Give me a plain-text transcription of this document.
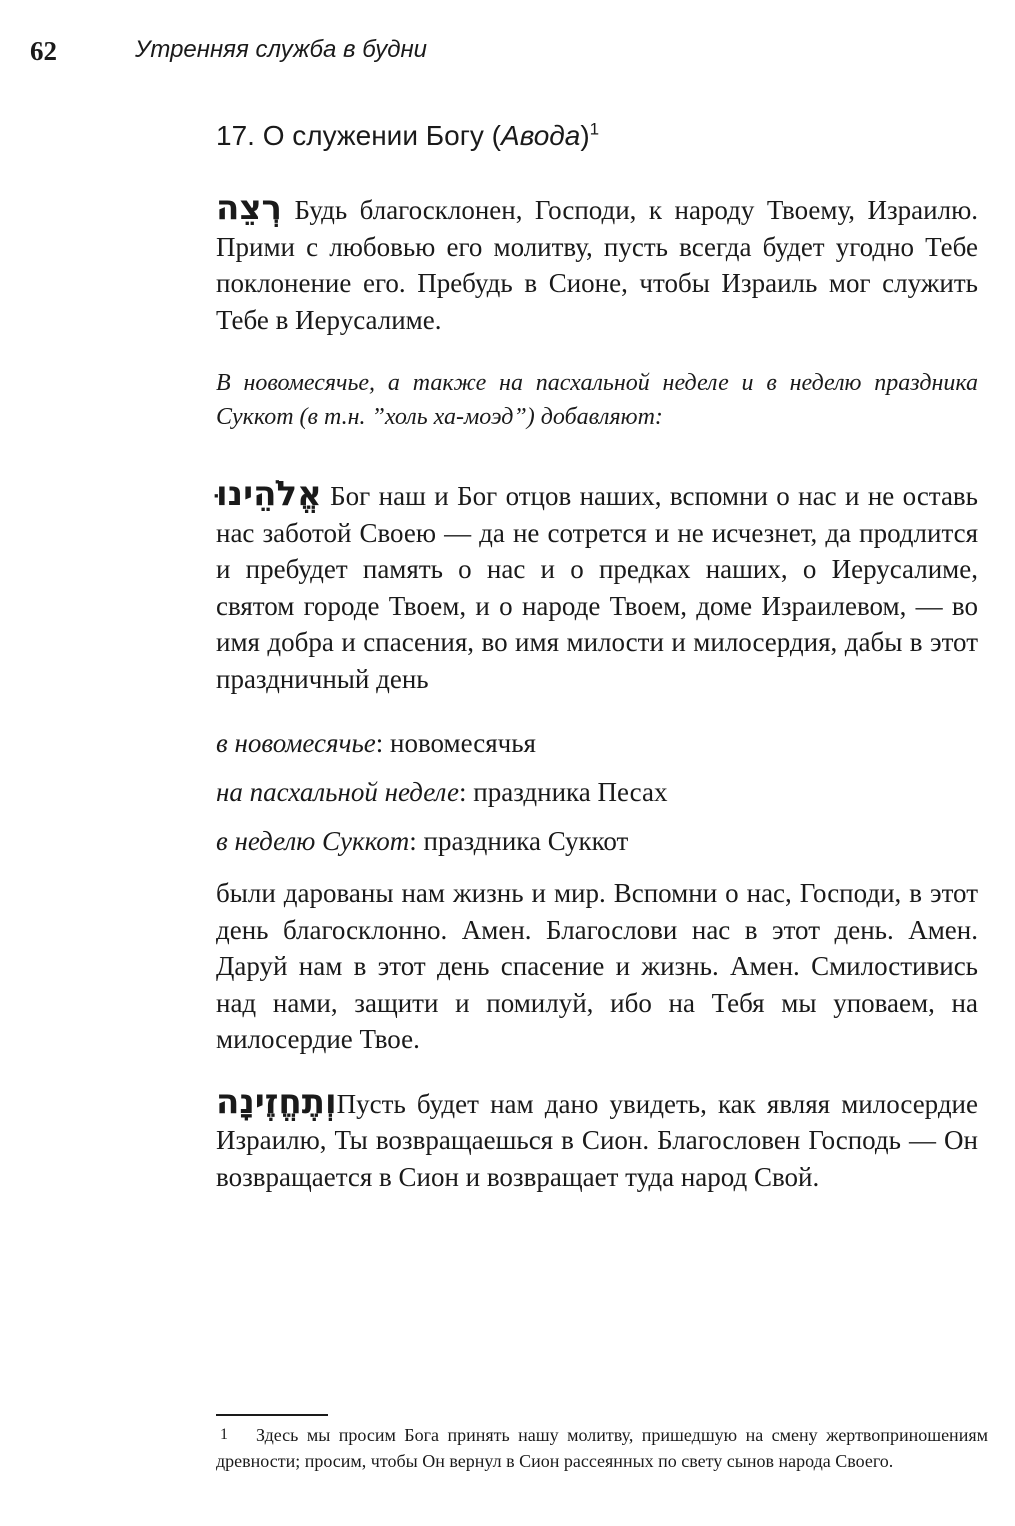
62	Утренняя служба в будни
17. О служении Богу (Авода)$^1$

רְצֵה Будь благосклонен, Господи, к народу Твоему, Израилю. Прими с любовью его молитву, пусть всегда будет угодно Тебе поклонение его. Пребудь в Сионе, чтобы Израиль мог служить Тебе в Иерусалиме.

В новомесячье, а также на пасхальной неделе и в неделю праздника Суккот (в т.н. ”холь ха-моэд”) добавляют:

אֱלֹהֵינוּ Бог наш и Бог отцов наших, вспомни о нас и не оставь нас заботой Своею — да не сотрется и не исчезнет, да продлится и пребудет память о нас и о предках наших, о Иерусалиме, святом городе Твоем, и о народе Твоем, доме Израилевом, — во имя добра и спасения, во имя милости и милосердия, дабы в этот праздничный день

в новомесячье: новомесячья
на пасхальной неделе: праздника Песах
в неделю Суккот: праздника Суккот

были дарованы нам жизнь и мир. Вспомни о нас, Господи, в этот день благосклонно. Амен. Благослови нас в этот день. Амен. Даруй нам в этот день спасение и жизнь. Амен. Смилостивись над нами, защити и помилуй, ибо на Тебя мы уповаем, на милосердие Твое.

וְתֶחֱזֶינָהПусть будет нам дано увидеть, как являя милосердие Израилю, Ты возвращаешься в Сион. Благословен Господь — Он возвращается в Сион и возвращает туда народ Свой.

1	Здесь мы просим Бога принять нашу молитву, пришедшую на смену жертвоприношениям древности; просим, чтобы Он вернул в Сион рассеянных по свету сынов народа Своего.
